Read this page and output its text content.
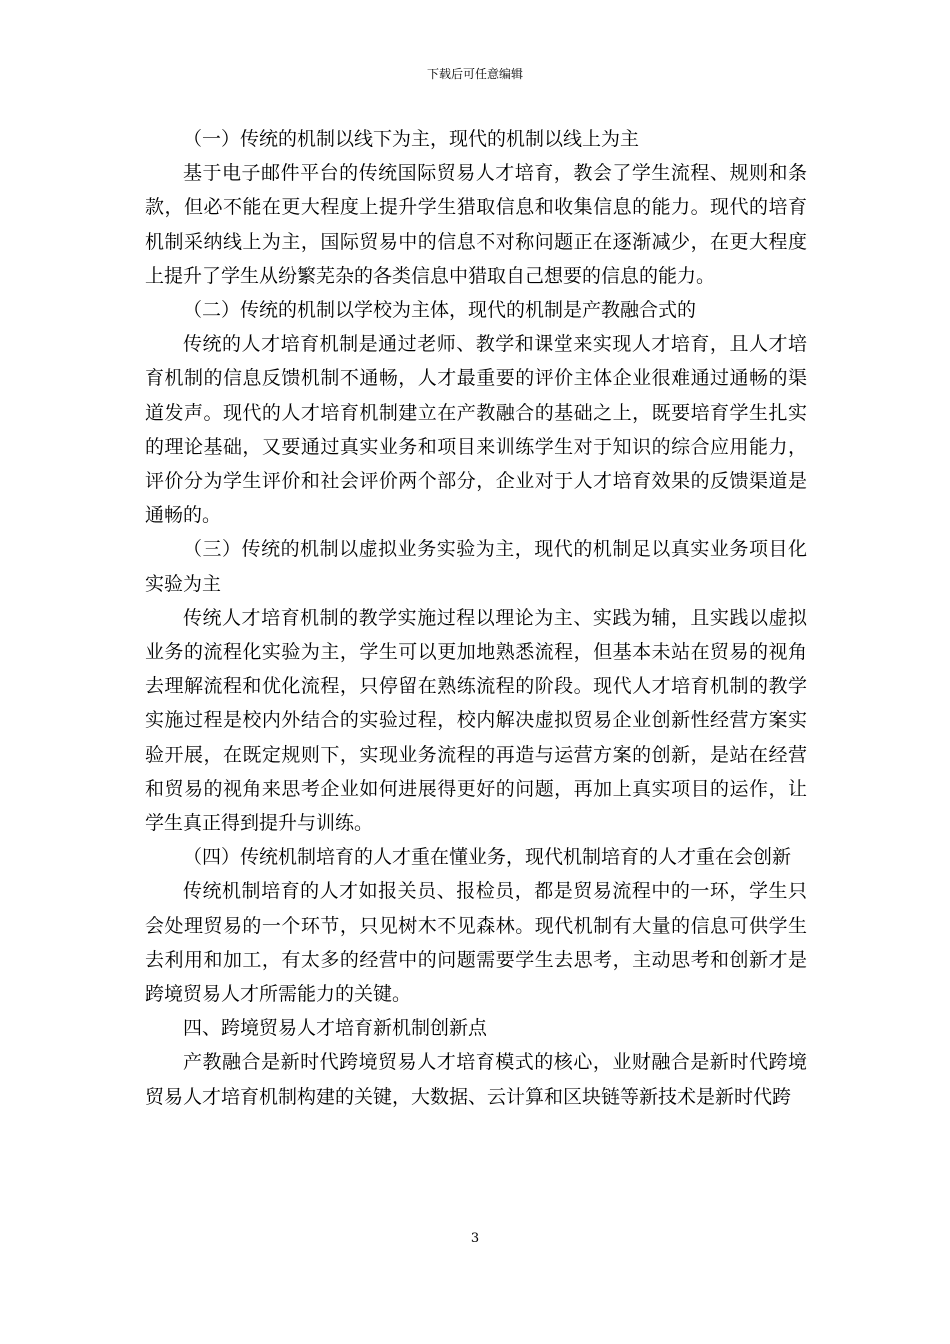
下载后可任意编辑

（一）传统的机制以线下为主，现代的机制以线上为主

基于电子邮件平台的传统国际贸易人才培育，教会了学生流程、规则和条款，但必不能在更大程度上提升学生猎取信息和收集信息的能力。现代的培育机制采纳线上为主，国际贸易中的信息不对称问题正在逐渐减少，在更大程度上提升了学生从纷繁芜杂的各类信息中猎取自己想要的信息的能力。

（二）传统的机制以学校为主体，现代的机制是产教融合式的

传统的人才培育机制是通过老师、教学和课堂来实现人才培育，且人才培育机制的信息反馈机制不通畅，人才最重要的评价主体企业很难通过通畅的渠道发声。现代的人才培育机制建立在产教融合的基础之上，既要培育学生扎实的理论基础，又要通过真实业务和项目来训练学生对于知识的综合应用能力，评价分为学生评价和社会评价两个部分，企业对于人才培育效果的反馈渠道是通畅的。

（三）传统的机制以虚拟业务实验为主，现代的机制足以真实业务项目化实验为主

传统人才培育机制的教学实施过程以理论为主、实践为辅，且实践以虚拟业务的流程化实验为主，学生可以更加地熟悉流程，但基本未站在贸易的视角去理解流程和优化流程，只停留在熟练流程的阶段。现代人才培育机制的教学实施过程是校内外结合的实验过程，校内解决虚拟贸易企业创新性经营方案实验开展，在既定规则下，实现业务流程的再造与运营方案的创新，是站在经营和贸易的视角来思考企业如何进展得更好的问题，再加上真实项目的运作，让学生真正得到提升与训练。

（四）传统机制培育的人才重在懂业务，现代机制培育的人才重在会创新

传统机制培育的人才如报关员、报检员，都是贸易流程中的一环，学生只会处理贸易的一个环节，只见树木不见森林。现代机制有大量的信息可供学生去利用和加工，有太多的经营中的问题需要学生去思考，主动思考和创新才是跨境贸易人才所需能力的关键。

四、跨境贸易人才培育新机制创新点

产教融合是新时代跨境贸易人才培育模式的核心，业财融合是新时代跨境贸易人才培育机制构建的关键，大数据、云计算和区块链等新技术是新时代跨

3
